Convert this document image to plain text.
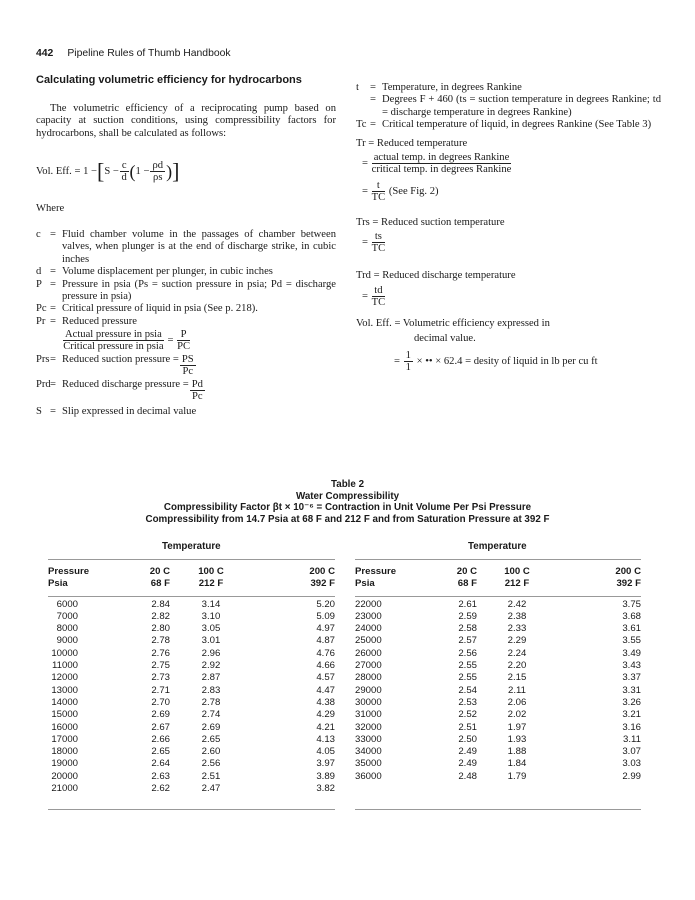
442 Pipeline Rules of Thumb Handbook
Calculating volumetric efficiency for hydrocarbons
The volumetric efficiency of a reciprocating pump based on capacity at suction conditions, using compressibility factors for hydrocarbons, shall be calculated as follows:
Vol. Eff. = $1 -[S - \frac{c}{d} (1 - \frac{\rho d}{\rho s}$ )]
Where
c = Fluid chamber volume in the passages of chamber between valves, when plunger is at the end of discharge strike, in cubic inches
d = Volume displacement per plunger, in cubic inches
P = Pressure in psia (Ps = suction pressure in psia; Pd = discharge pressure in psia)
Pc = Critical pressure of liquid in psia (See p. 218).
Pr = Reduced pressure
Actual pressure in psia
Critical pressure in psia
= $\frac{P}{PC}$
Prs = Reduced suction pressure = $\frac{PS}{Pc}$
Prd = Reduced discharge pressure = $\frac{Pd}{Pc}$
S = Slip expressed in decimal value
t	= Temperature, in degrees Rankine
= Degrees F + 460 (ts = suction temperature in degrees Rankine; td = discharge temperature in degrees Rankine)
Tc = Critical temperature of liquid, in degrees Rankine (See Table 3)
Tr = Reduced temperature
=
actual temp. in degrees Rankine
critical temp. in degrees Rankine
= $\frac{t}{TC} (See$ Fig. 2)
Trs = Reduced suction temperature
= $\frac{ts}{TC}$
Trd = Reduced discharge temperature
= $\frac{td}{TC}$
Vol. Eff. = Volumetric efficiency expressed in
decimal value.
= $\frac{1}{1}$ × •• × 62.4 = desity of liquid in lb per cu ft
Table 2
Water Compressibility
Compressibility Factor βt × 10⁻⁶ = Contraction in Unit Volume Per Psi Pressure
Compressibility from 14.7 Psia at 68 F and 212 F and from Saturation Pressure at 392 F
Temperature	Temperature
Pressure	20 C	100 C	200 C
Psia	68 F	212 F	392 F

6000	2.84	3.14	5.20
7000	2.82	3.10	5.09
8000	2.80	3.05	4.97
9000	2.78	3.01	4.87
10000	2.76	2.96	4.76
11000	2.75	2.92	4.66
12000	2.73	2.87	4.57
13000	2.71	2.83	4.47
14000	2.70	2.78	4.38
15000	2.69	2.74	4.29
16000	2.67	2.69	4.21
17000	2.66	2.65	4.13
18000	2.65	2.60	4.05
19000	2.64	2.56	3.97
20000	2.63	2.51	3.89
21000	2.62	2.47	3.82
Pressure	20 C	100 C	200 C
Psia	68 F	212 F	392 F

22000	2.61	2.42	3.75
23000	2.59	2.38	3.68
24000	2.58	2.33	3.61
25000	2.57	2.29	3.55
26000	2.56	2.24	3.49
27000	2.55	2.20	3.43
28000	2.55	2.15	3.37
29000	2.54	2.11	3.31
30000	2.53	2.06	3.26
31000	2.52	2.02	3.21
32000	2.51	1.97	3.16
33000	2.50	1.93	3.11
34000	2.49	1.88	3.07
35000	2.49	1.84	3.03
36000	2.48	1.79	2.99
